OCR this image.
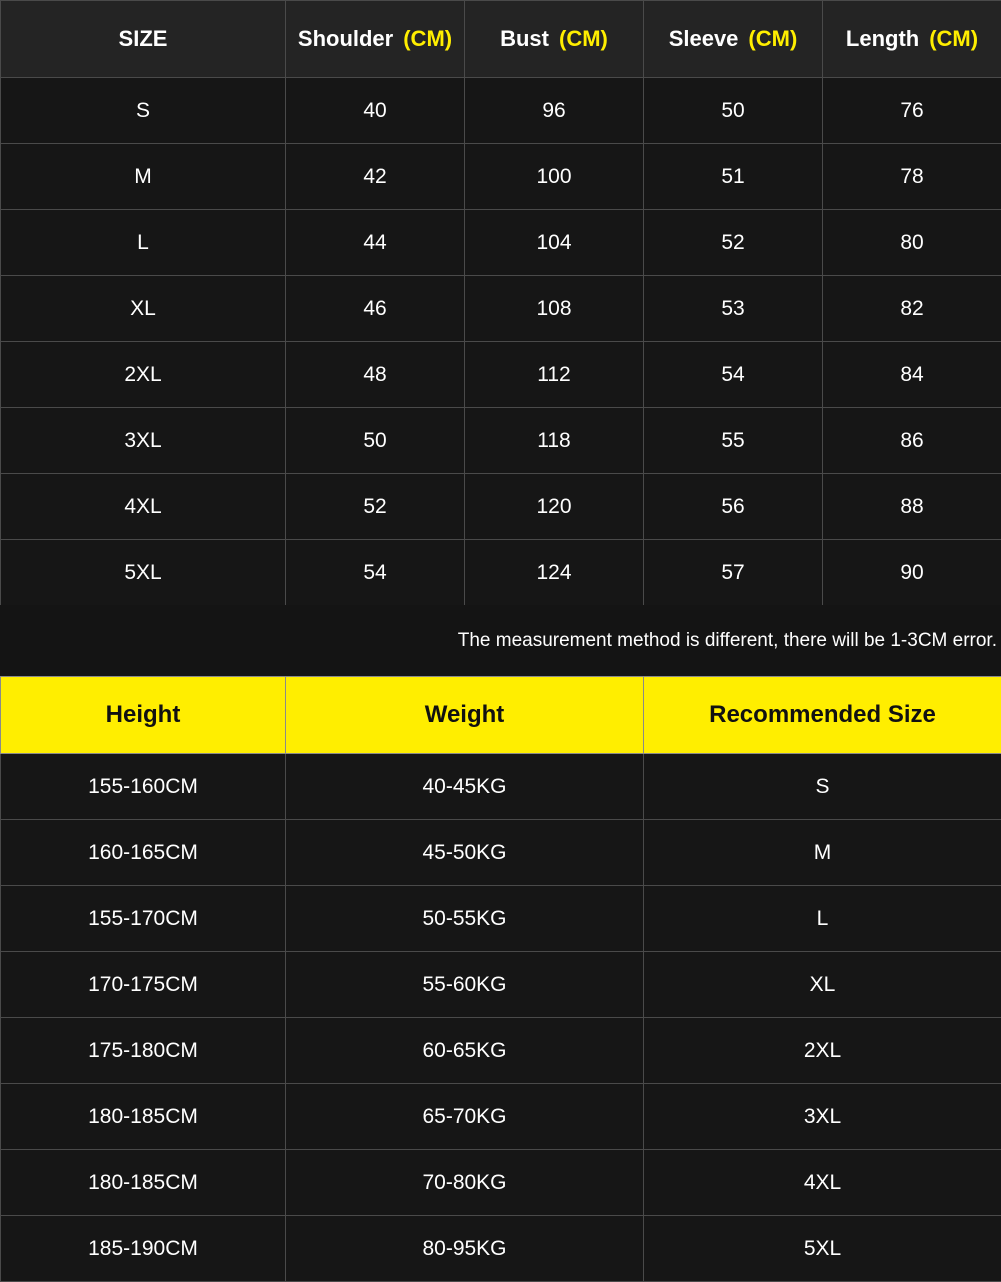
SIZE	Shoulder (CM)	Bust (CM)	Sleeve (CM)	Length (CM)
S	40	96	50	76
M	42	100	51	78
L	44	104	52	80
XL	46	108	53	82
2XL	48	112	54	84
3XL	50	118	55	86
4XL	52	120	56	88
5XL	54	124	57	90
The measurement method is different, there will be 1-3CM error.
Height	Weight	Recommended Size
155-160CM	40-45KG	S
160-165CM	45-50KG	M
155-170CM	50-55KG	L
170-175CM	55-60KG	XL
175-180CM	60-65KG	2XL
180-185CM	65-70KG	3XL
180-185CM	70-80KG	4XL
185-190CM	80-95KG	5XL
